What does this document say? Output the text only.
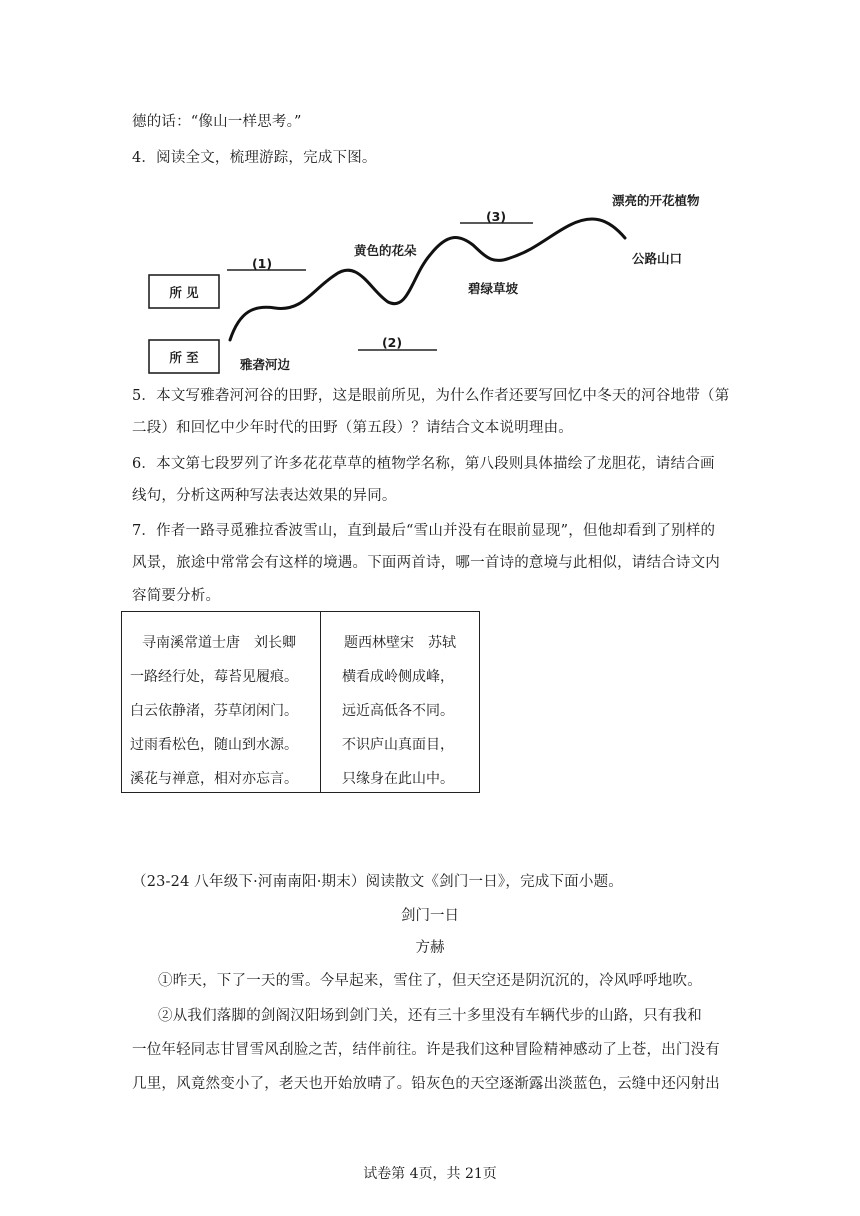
德的话：“像山一样思考。”
4．阅读全文，梳理游踪，完成下图。
所 见
所 至
(1)
(2)
(3)
黄色的花朵
碧绿草坡
漂亮的开花植物
公路山口
雅砻河边
5．本文写雅砻河河谷的田野，这是眼前所见，为什么作者还要写回忆中冬天的河谷地带（第
二段）和回忆中少年时代的田野（第五段）？请结合文本说明理由。
6．本文第七段罗列了许多花花草草的植物学名称，第八段则具体描绘了龙胆花，请结合画
线句，分析这两种写法表达效果的异同。
7．作者一路寻觅雅拉香波雪山，直到最后“雪山并没有在眼前显现”，但他却看到了别样的
风景，旅途中常常会有这样的境遇。下面两首诗，哪一首诗的意境与此相似，请结合诗文内
容简要分析。
寻南溪常道士唐　刘长卿
一路经行处，莓苔见履痕。
白云依静渚，芬草闭闲门。
过雨看松色，随山到水源。
溪花与禅意，相对亦忘言。
题西林壁宋　苏轼
横看成岭侧成峰，
远近高低各不同。
不识庐山真面目，
只缘身在此山中。
（23-24 八年级下·河南南阳·期末）阅读散文《剑门一日》，完成下面小题。
剑门一日
方赫
①昨天，下了一天的雪。今早起来，雪住了，但天空还是阴沉沉的，冷风呼呼地吹。
②从我们落脚的剑阁汉阳场到剑门关，还有三十多里没有车辆代步的山路，只有我和
一位年轻同志甘冒雪风刮脸之苦，结伴前往。许是我们这种冒险精神感动了上苍，出门没有
几里，风竟然变小了，老天也开始放晴了。铅灰色的天空逐渐露出淡蓝色，云缝中还闪射出
试卷第 4页，共 21页
